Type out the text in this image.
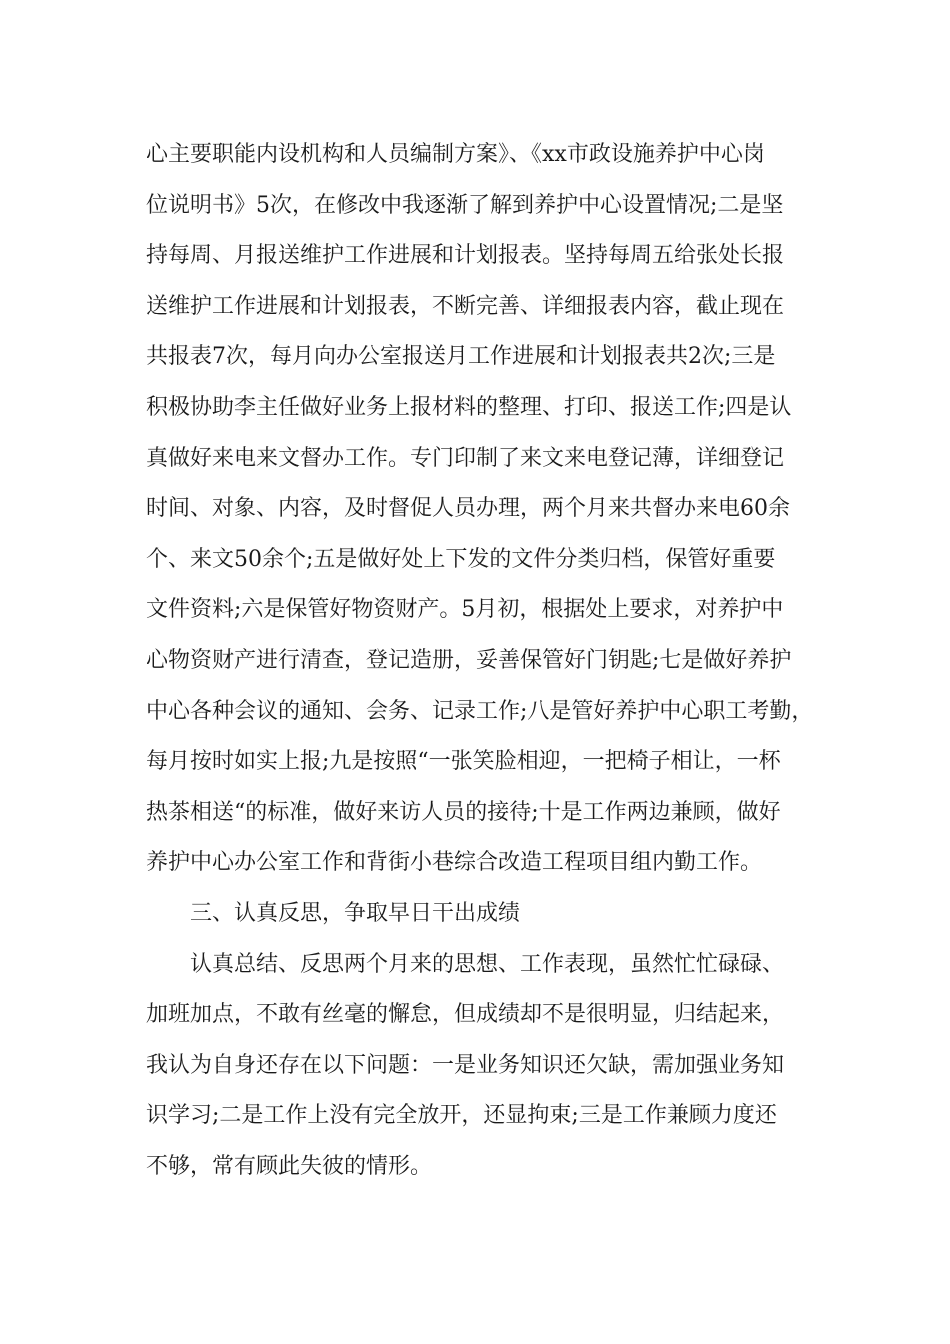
心主要职能内设机构和人员编制方案》、《xx市政设施养护中心岗
位说明书》5次，在修改中我逐渐了解到养护中心设置情况;二是坚
持每周、月报送维护工作进展和计划报表。坚持每周五给张处长报
送维护工作进展和计划报表，不断完善、详细报表内容，截止现在
共报表7次，每月向办公室报送月工作进展和计划报表共2次;三是
积极协助李主任做好业务上报材料的整理、打印、报送工作;四是认
真做好来电来文督办工作。专门印制了来文来电登记薄，详细登记
时间、对象、内容，及时督促人员办理，两个月来共督办来电60余
个、来文50余个;五是做好处上下发的文件分类归档，保管好重要
文件资料;六是保管好物资财产。5月初，根据处上要求，对养护中
心物资财产进行清查，登记造册，妥善保管好门钥匙;七是做好养护
中心各种会议的通知、会务、记录工作;八是管好养护中心职工考勤，
每月按时如实上报;九是按照“一张笑脸相迎，一把椅子相让，一杯
热茶相送“的标准，做好来访人员的接待;十是工作两边兼顾，做好
养护中心办公室工作和背街小巷综合改造工程项目组内勤工作。
三、认真反思，争取早日干出成绩
认真总结、反思两个月来的思想、工作表现，虽然忙忙碌碌、
加班加点，不敢有丝毫的懈怠，但成绩却不是很明显，归结起来，
我认为自身还存在以下问题：一是业务知识还欠缺，需加强业务知
识学习;二是工作上没有完全放开，还显拘束;三是工作兼顾力度还
不够，常有顾此失彼的情形。
